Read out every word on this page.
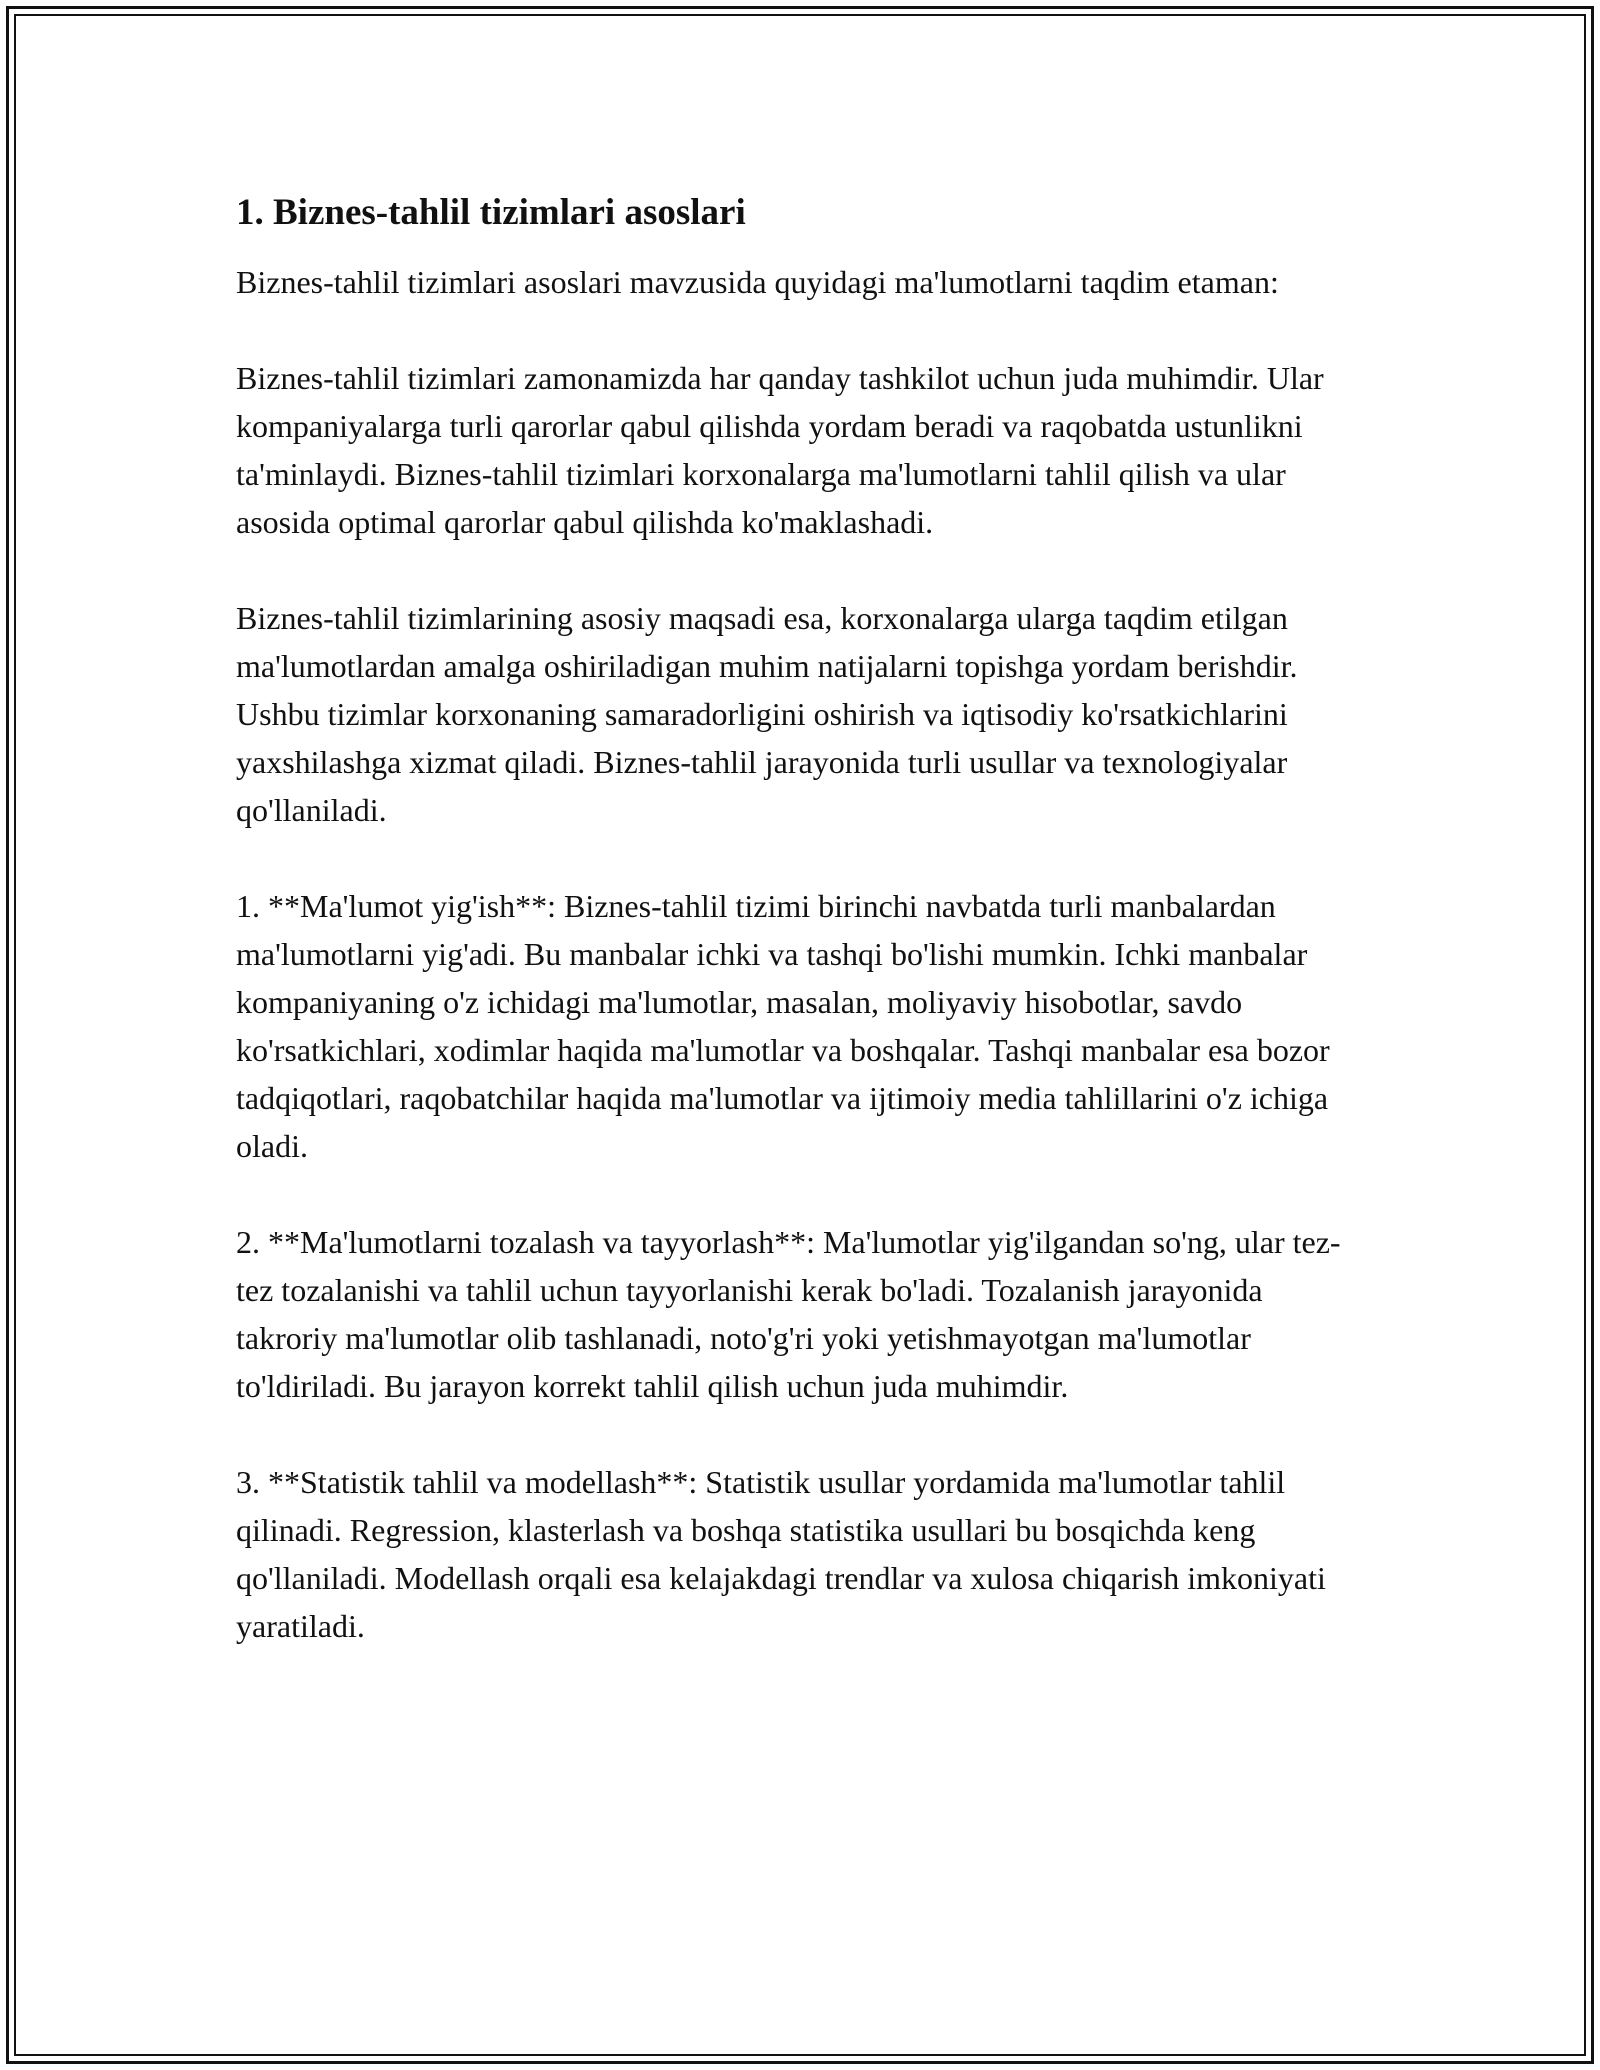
1. Biznes-tahlil tizimlari asoslari

Biznes-tahlil tizimlari asoslari mavzusida quyidagi ma'lumotlarni taqdim etaman:

Biznes-tahlil tizimlari zamonamizda har qanday tashkilot uchun juda muhimdir. Ular kompaniyalarga turli qarorlar qabul qilishda yordam beradi va raqobatda ustunlikni ta'minlaydi. Biznes-tahlil tizimlari korxonalarga ma'lumotlarni tahlil qilish va ular asosida optimal qarorlar qabul qilishda ko'maklashadi.

Biznes-tahlil tizimlarining asosiy maqsadi esa, korxonalarga ularga taqdim etilgan ma'lumotlardan amalga oshiriladigan muhim natijalarni topishga yordam berishdir. Ushbu tizimlar korxonaning samaradorligini oshirish va iqtisodiy ko'rsatkichlarini yaxshilashga xizmat qiladi. Biznes-tahlil jarayonida turli usullar va texnologiyalar qo'llaniladi.

1. **Ma'lumot yig'ish**: Biznes-tahlil tizimi birinchi navbatda turli manbalardan ma'lumotlarni yig'adi. Bu manbalar ichki va tashqi bo'lishi mumkin. Ichki manbalar kompaniyaning o'z ichidagi ma'lumotlar, masalan, moliyaviy hisobotlar, savdo ko'rsatkichlari, xodimlar haqida ma'lumotlar va boshqalar. Tashqi manbalar esa bozor tadqiqotlari, raqobatchilar haqida ma'lumotlar va ijtimoiy media tahlillarini o'z ichiga oladi.

2. **Ma'lumotlarni tozalash va tayyorlash**: Ma'lumotlar yig'ilgandan so'ng, ular tez-tez tozalanishi va tahlil uchun tayyorlanishi kerak bo'ladi. Tozalanish jarayonida takroriy ma'lumotlar olib tashlanadi, noto'g'ri yoki yetishmayotgan ma'lumotlar to'ldiriladi. Bu jarayon korrekt tahlil qilish uchun juda muhimdir.

3. **Statistik tahlil va modellash**: Statistik usullar yordamida ma'lumotlar tahlil qilinadi. Regression, klasterlash va boshqa statistika usullari bu bosqichda keng qo'llaniladi. Modellash orqali esa kelajakdagi trendlar va xulosa chiqarish imkoniyati yaratiladi.
